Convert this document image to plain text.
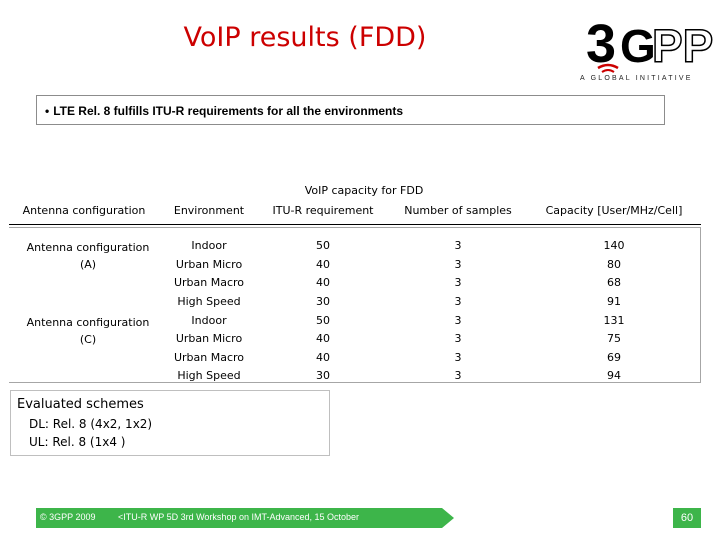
VoIP results (FDD)	3 G
PP
A GLOBAL INITIATIVE
• LTE Rel. 8 fulfills ITU-R requirements for all the environments
VoIP capacity for FDD
Antenna configuration	Environment	ITU-R requirement	Number of samples	Capacity [User/MHz/Cell]
Antenna configuration
(A)
Indoor	50	3	140
Urban Micro	40	3	80
Urban Macro	40	3	68
High Speed	30	3	91
Antenna configuration
(C)
Indoor	50	3	131
Urban Micro	40	3	75
Urban Macro	40	3	69
High Speed	30	3	94
Evaluated schemes
DL: Rel. 8 (4x2, 1x2)
UL: Rel. 8 (1x4 )
© 3GPP 2009 <ITU-R WP 5D 3rd Workshop on IMT-Advanced, 15 October	60
